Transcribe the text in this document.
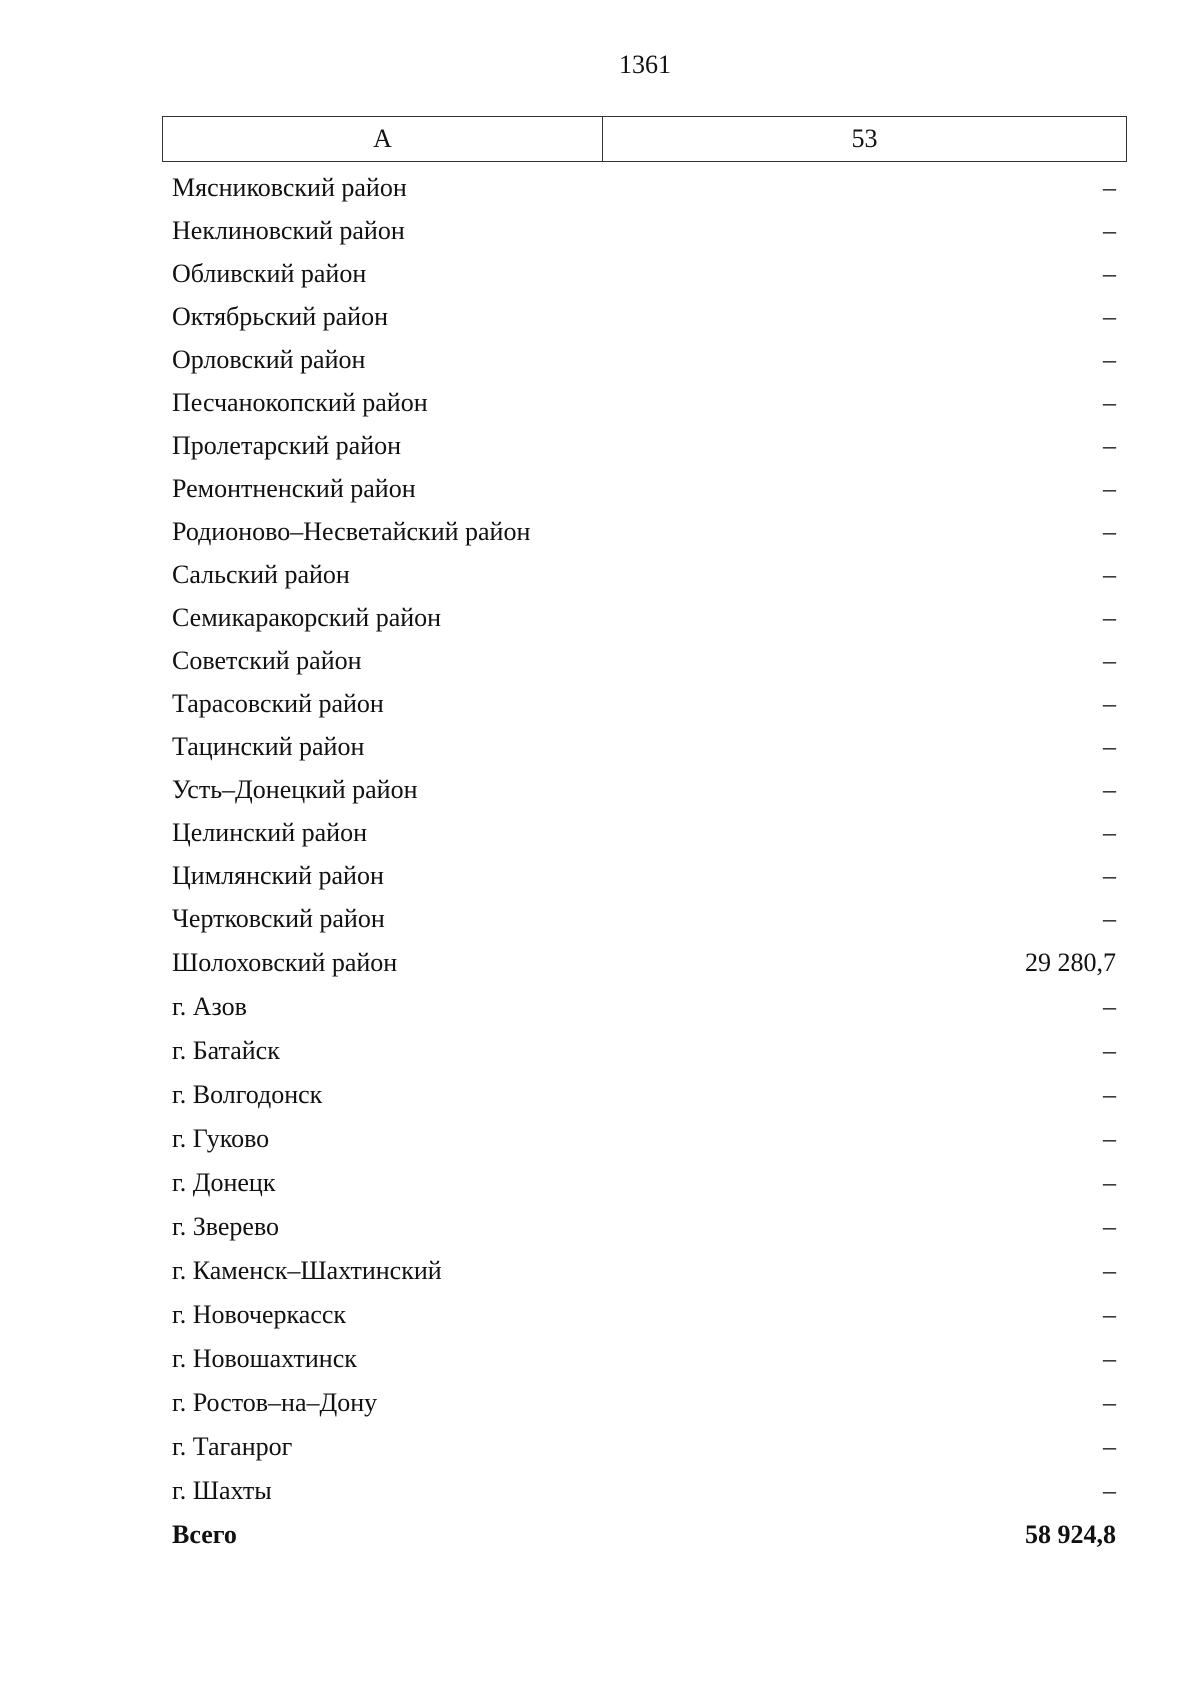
1361
А	53
Мясниковский район	–
Неклиновский район	–
Обливский район	–
Октябрьский район	–
Орловский район	–
Песчанокопский район	–
Пролетарский район	–
Ремонтненский район	–
Родионово–Несветайский район	–
Сальский район	–
Семикаракорский район	–
Советский район	–
Тарасовский район	–
Тацинский район	–
Усть–Донецкий район	–
Целинский район	–
Цимлянский район	–
Чертковский район	–
Шолоховский район	29 280,7
г. Азов	–
г. Батайск	–
г. Волгодонск	–
г. Гуково	–
г. Донецк	–
г. Зверево	–
г. Каменск–Шахтинский	–
г. Новочеркасск	–
г. Новошахтинск	–
г. Ростов–на–Дону	–
г. Таганрог	–
г. Шахты	–
Всего	58 924,8
